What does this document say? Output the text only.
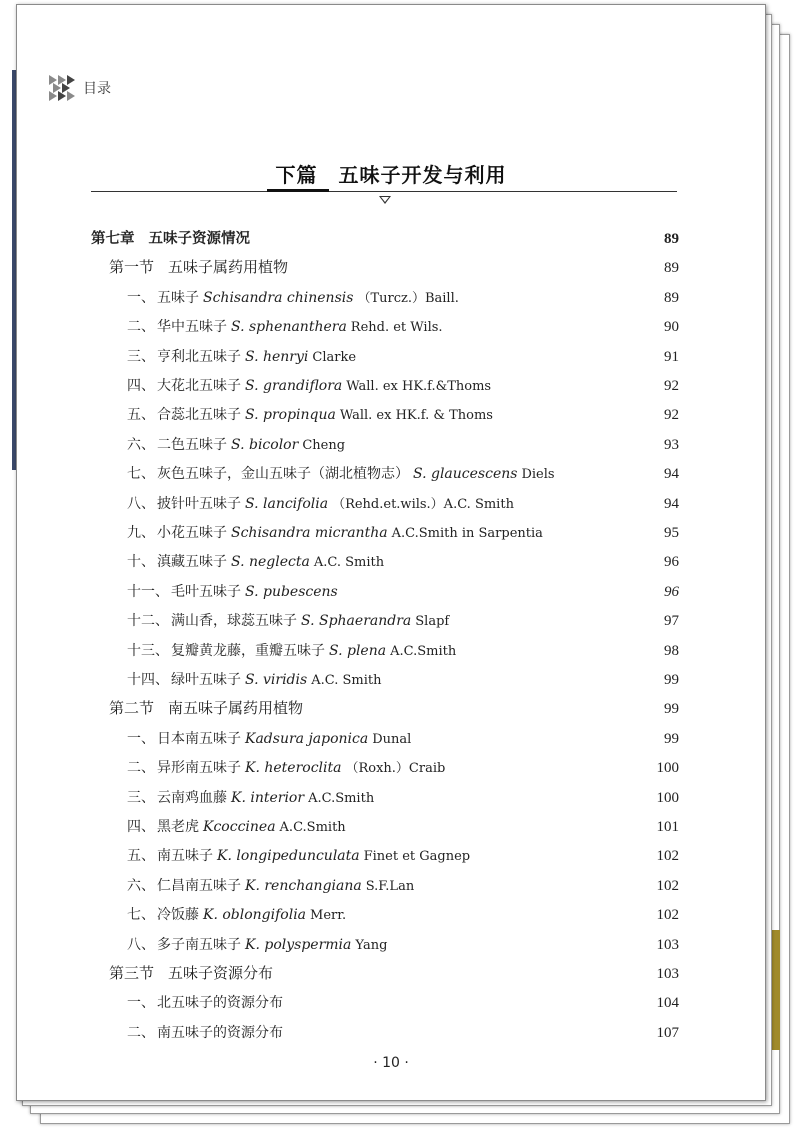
目录
下篇　五味子开发与利用
第七章 五味子资源情况	89
第一节 五味子属药用植物	89
一、 五味子 Schisandra chinensis （Turcz.）Baill.	89
二、 华中五味子 S. sphenanthera Rehd. et Wils.	90
三、 亨利北五味子 S. henryi Clarke	91
四、 大花北五味子 S. grandiflora Wall. ex HK.f.&Thoms	92
五、 合蕊北五味子 S. propinqua Wall. ex HK.f. & Thoms	92
六、 二色五味子 S. bicolor Cheng	93
七、 灰色五味子，金山五味子（湖北植物志） S. glaucescens Diels	94
八、 披针叶五味子 S. lancifolia （Rehd.et.wils.）A.C. Smith	94
九、 小花五味子 Schisandra micrantha A.C.Smith in Sarpentia	95
十、 滇藏五味子 S. neglecta A.C. Smith	96
十一、 毛叶五味子 S. pubescens	96
十二、 满山香，球蕊五味子 S. Sphaerandra Slapf	97
十三、 复瓣黄龙藤，重瓣五味子 S. plena A.C.Smith	98
十四、 绿叶五味子 S. viridis A.C. Smith	99
第二节 南五味子属药用植物	99
一、 日本南五味子 Kadsura japonica Dunal	99
二、 异形南五味子 K. heteroclita （Roxh.）Craib	100
三、 云南鸡血藤 K. interior A.C.Smith	100
四、 黑老虎 Kcoccinea A.C.Smith	101
五、 南五味子 K. longipedunculata Finet et Gagnep	102
六、 仁昌南五味子 K. renchangiana S.F.Lan	102
七、 冷饭藤 K. oblongifolia Merr.	102
八、 多子南五味子 K. polyspermia Yang	103
第三节 五味子资源分布	103
一、 北五味子的资源分布	104
二、 南五味子的资源分布	107
· 10 ·
